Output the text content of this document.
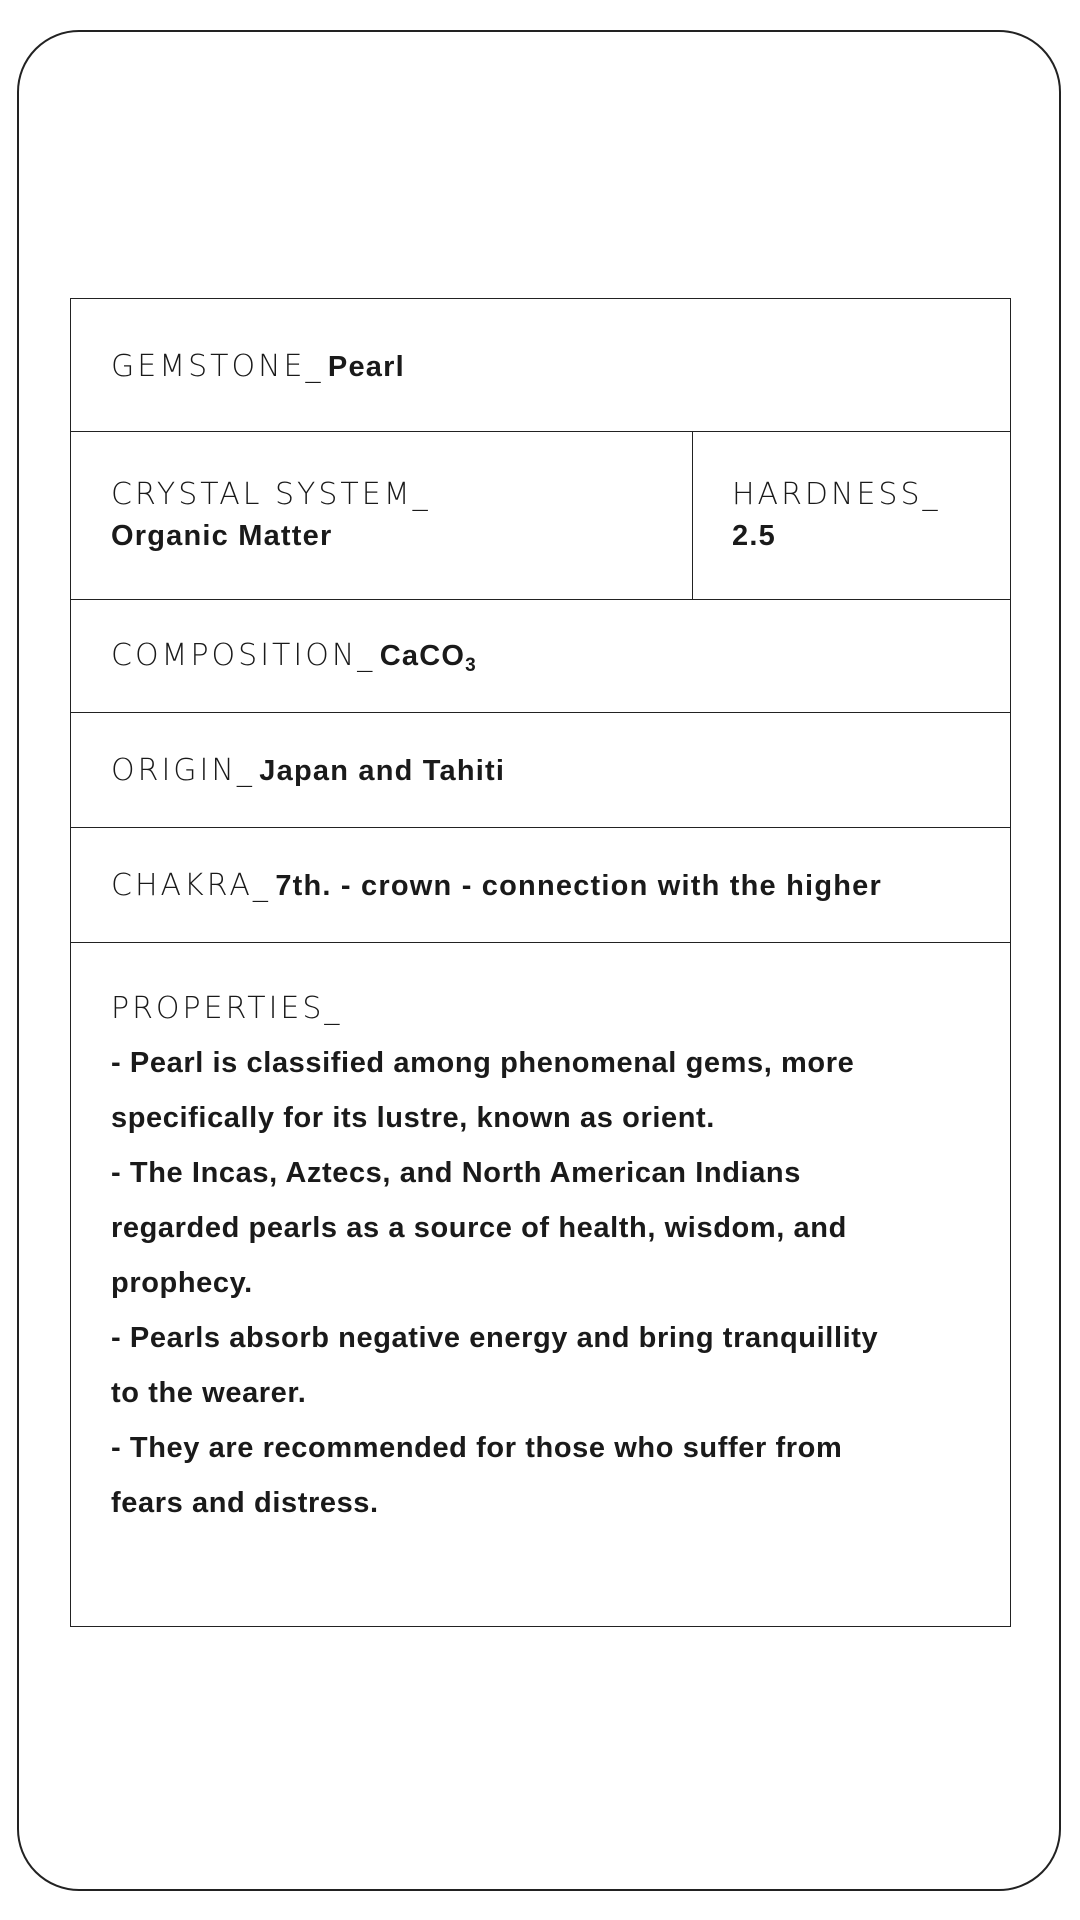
GEMSTONE_ Pearl
CRYSTAL SYSTEM_
Organic Matter
HARDNESS_
2.5
COMPOSITION_ CaCO$_3$
ORIGIN_ Japan and Tahiti
CHAKRA_ 7th. - crown - connection with the higher
PROPERTIES_
- Pearl is classified among phenomenal gems, more
specifically for its lustre, known as orient.
- The Incas, Aztecs, and North American Indians
regarded pearls as a source of health, wisdom, and
prophecy.
- Pearls absorb negative energy and bring tranquillity
to the wearer.
- They are recommended for those who suffer from
fears and distress.
